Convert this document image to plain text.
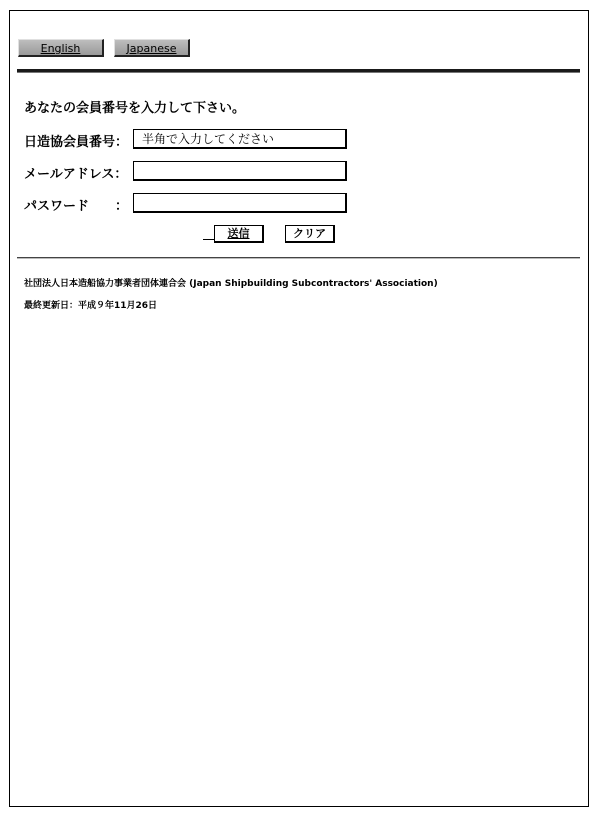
English	Japanese
あなたの会員番号を入力して下さい。
日造協会員番号：
半角で入力してください
メールアドレス：
パスワード ：
送信	クリア
社団法人日本造船協力事業者団体連合会 (Japan Shipbuilding Subcontractors' Association)
最終更新日：平成９年11月26日
